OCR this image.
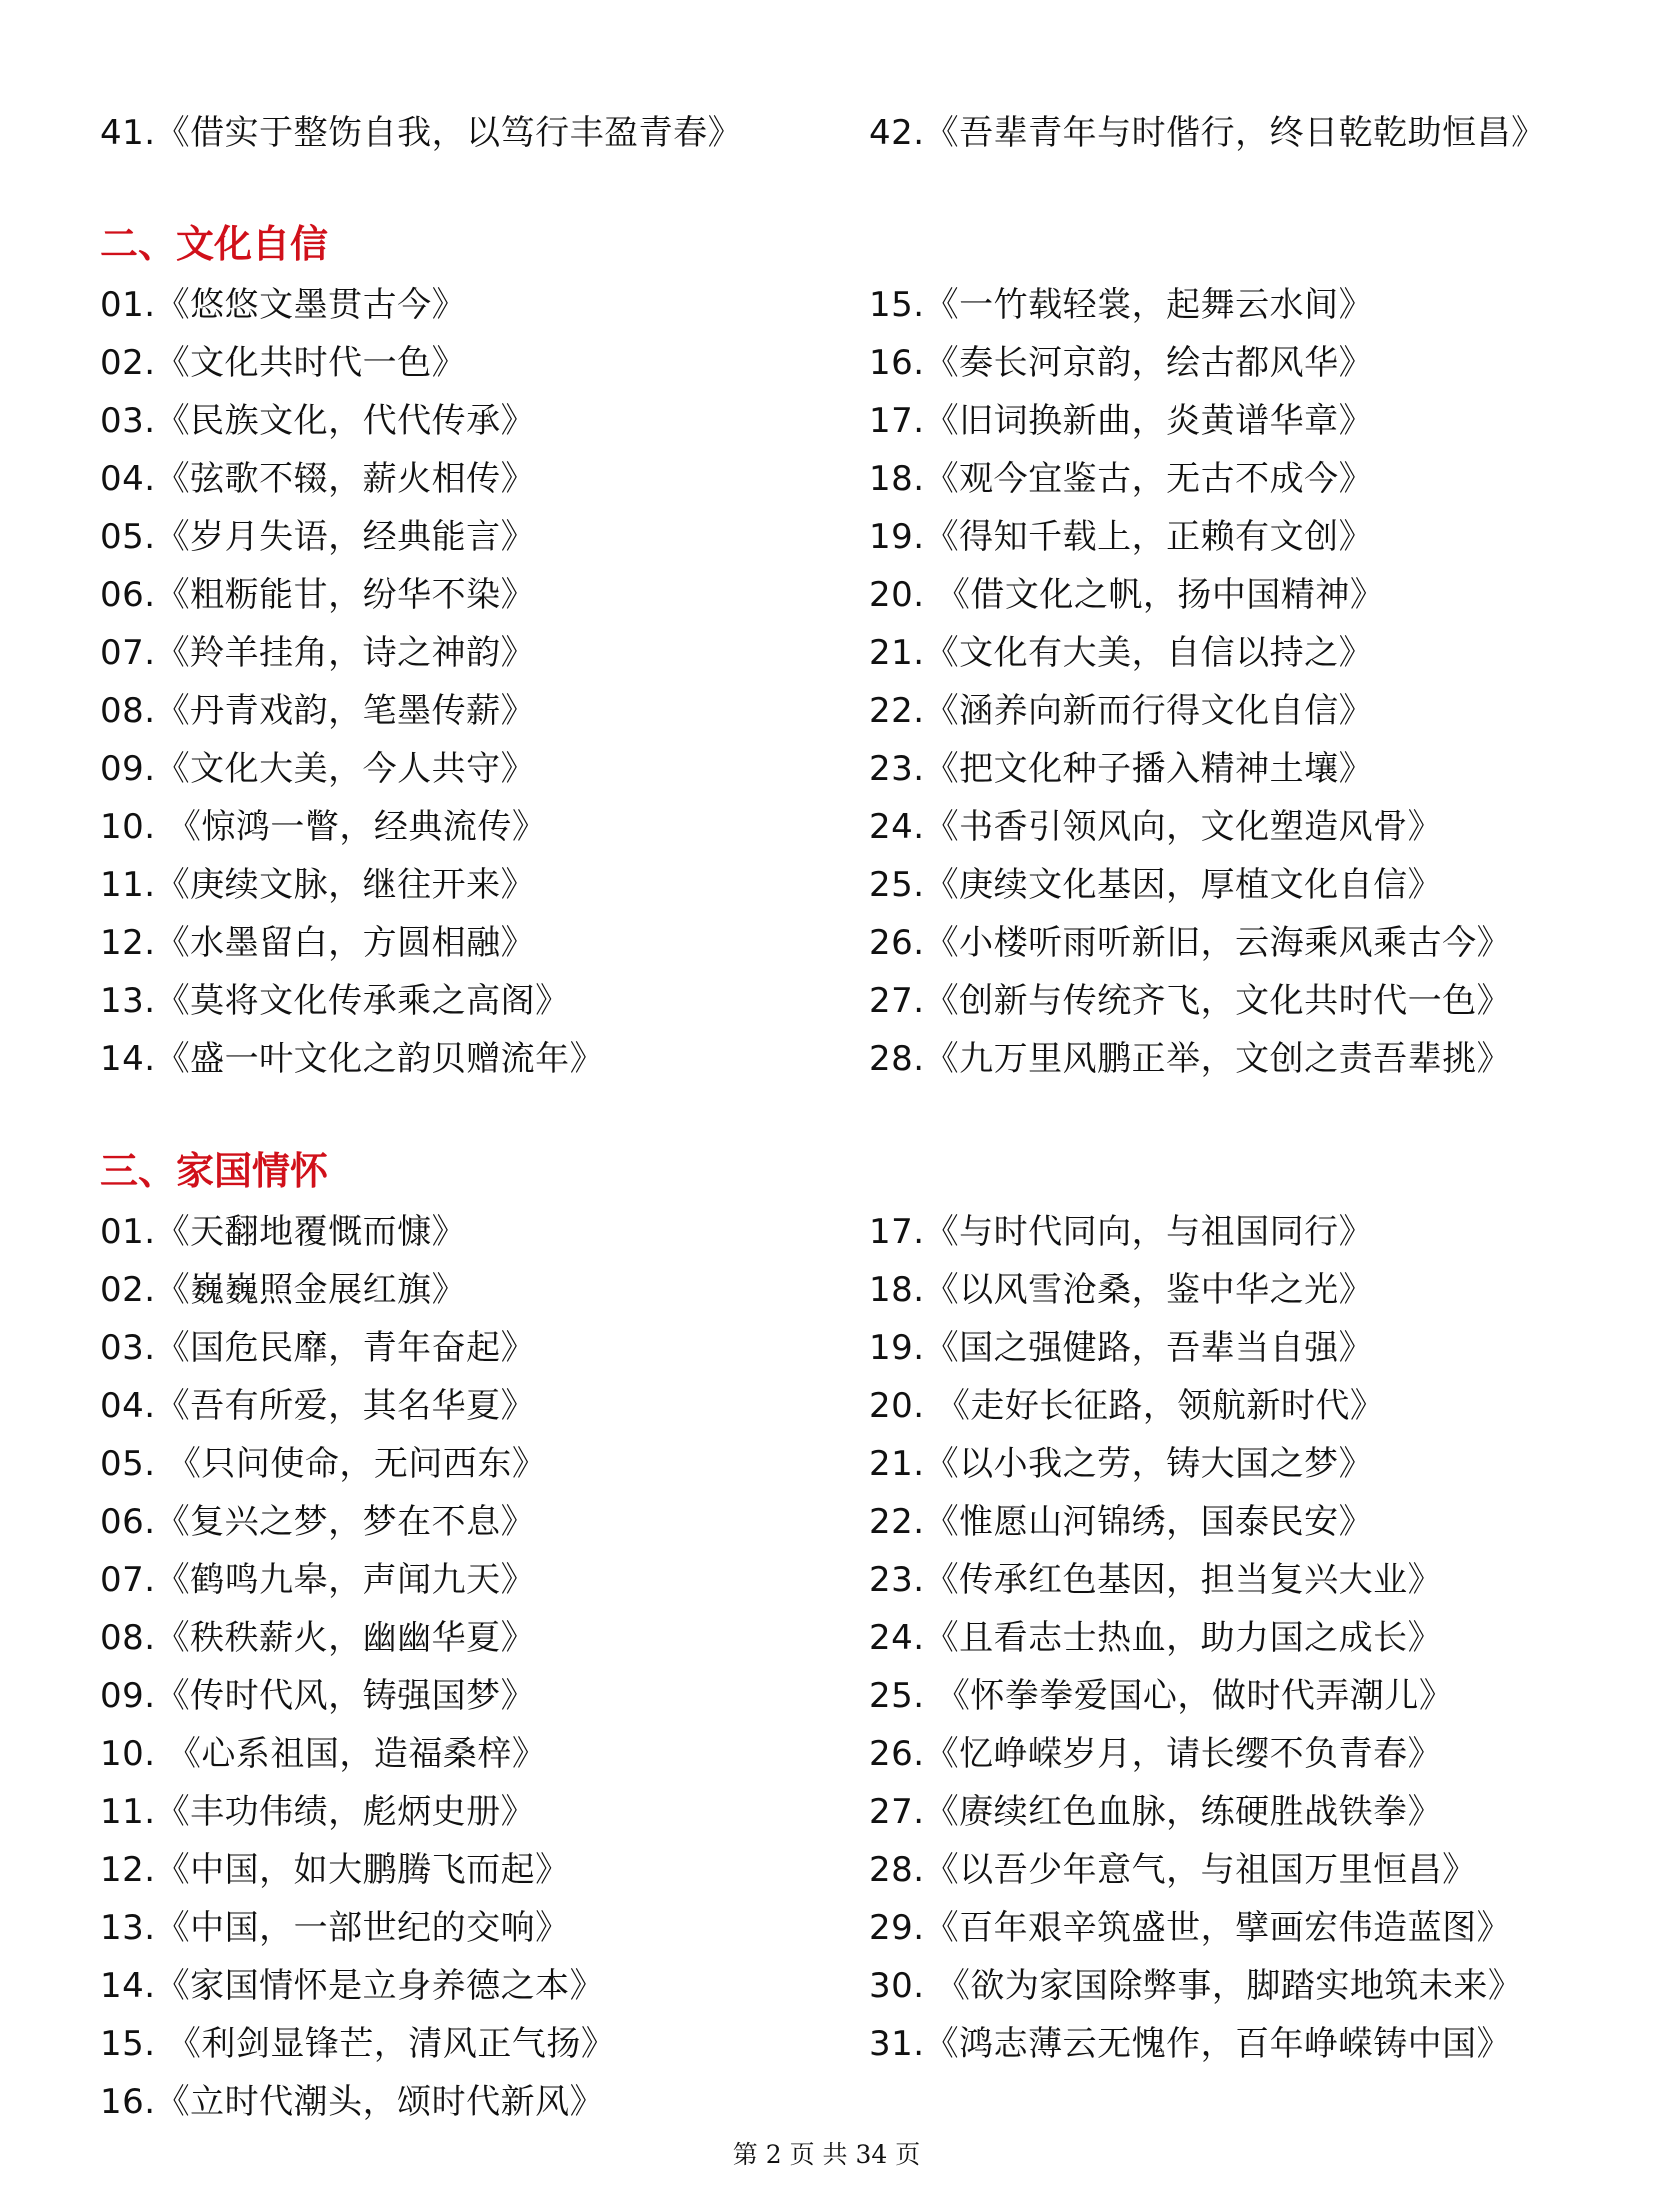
41.《借实于整饬自我，以笃行丰盈青春》	42.《吾辈青年与时偕行，终日乾乾助恒昌》
二、文化自信
01.《悠悠文墨贯古今》	15.《一竹载轻裳，起舞云水间》
02.《文化共时代一色》	16.《奏长河京韵，绘古都风华》
03.《民族文化，代代传承》	17.《旧词换新曲，炎黄谱华章》
04.《弦歌不辍，薪火相传》	18.《观今宜鉴古，无古不成今》
05.《岁月失语，经典能言》	19.《得知千载上，正赖有文创》
06.《粗粝能甘，纷华不染》	20. 《借文化之帆，扬中国精神》
07.《羚羊挂角，诗之神韵》	21.《文化有大美，自信以持之》
08.《丹青戏韵，笔墨传薪》	22.《涵养向新而行得文化自信》
09.《文化大美，今人共守》	23.《把文化种子播入精神土壤》
10. 《惊鸿一瞥，经典流传》	24.《书香引领风向，文化塑造风骨》
11.《庚续文脉，继往开来》	25.《庚续文化基因，厚植文化自信》
12.《水墨留白，方圆相融》	26.《小楼听雨听新旧，云海乘风乘古今》
13.《莫将文化传承乘之高阁》	27.《创新与传统齐飞，文化共时代一色》
14.《盛一叶文化之韵贝赠流年》	28.《九万里风鹏正举，文创之责吾辈挑》
三、家国情怀
01.《天翻地覆慨而慷》	17.《与时代同向，与祖国同行》
02.《巍巍照金展红旗》	18.《以风雪沧桑，鉴中华之光》
03.《国危民靡，青年奋起》	19.《国之强健路，吾辈当自强》
04.《吾有所爱，其名华夏》	20. 《走好长征路，领航新时代》
05. 《只问使命，无问西东》	21.《以小我之劳，铸大国之梦》
06.《复兴之梦，梦在不息》	22.《惟愿山河锦绣，国泰民安》
07.《鹤鸣九皋，声闻九天》	23.《传承红色基因，担当复兴大业》
08.《秩秩薪火，幽幽华夏》	24.《且看志士热血，助力国之成长》
09.《传时代风，铸强国梦》	25. 《怀拳拳爱国心，做时代弄潮儿》
10. 《心系祖国，造福桑梓》	26.《忆峥嵘岁月，请长缨不负青春》
11.《丰功伟绩，彪炳史册》	27.《赓续红色血脉，练硬胜战铁拳》
12.《中国，如大鹏腾飞而起》	28.《以吾少年意气，与祖国万里恒昌》
13.《中国，一部世纪的交响》	29.《百年艰辛筑盛世，擘画宏伟造蓝图》
14.《家国情怀是立身养德之本》	30. 《欲为家国除弊事，脚踏实地筑未来》
15. 《利剑显锋芒，清风正气扬》	31.《鸿志薄云无愧作，百年峥嵘铸中国》
16.《立时代潮头，颂时代新风》
第 2 页 共 34 页
